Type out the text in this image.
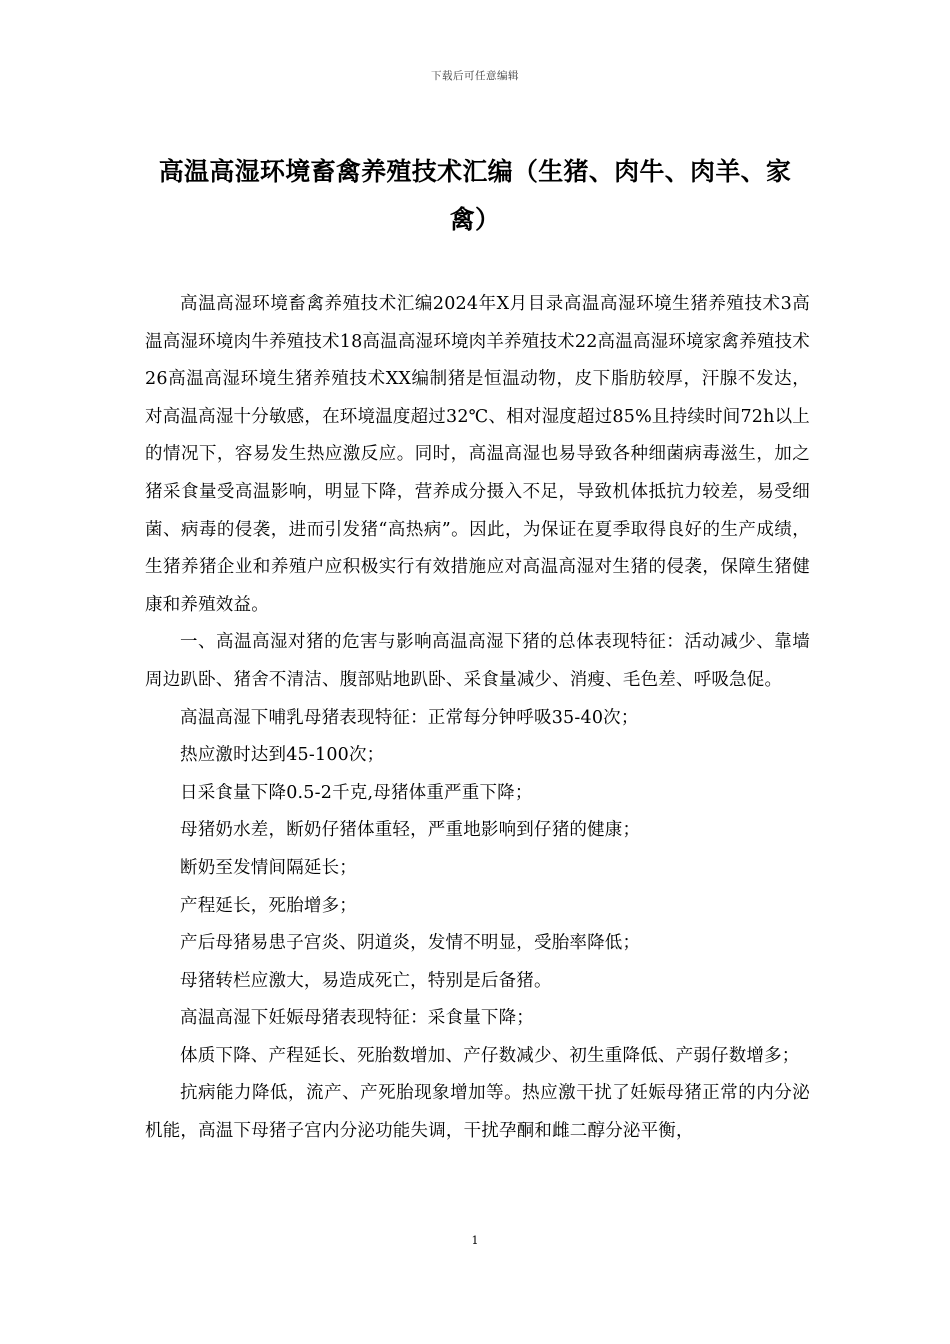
下载后可任意编辑
高温高湿环境畜禽养殖技术汇编（生猪、肉牛、肉羊、家禽）

高温高湿环境畜禽养殖技术汇编2024年X月目录高温高湿环境生猪养殖技术3高温高湿环境肉牛养殖技术18高温高湿环境肉羊养殖技术22高温高湿环境家禽养殖技术26高温高湿环境生猪养殖技术XX编制猪是恒温动物，皮下脂肪较厚，汗腺不发达，对高温高湿十分敏感，在环境温度超过32℃、相对湿度超过85%且持续时间72h以上的情况下，容易发生热应激反应。同时，高温高湿也易导致各种细菌病毒滋生，加之猪采食量受高温影响，明显下降，营养成分摄入不足，导致机体抵抗力较差，易受细菌、病毒的侵袭，进而引发猪“高热病”。因此，为保证在夏季取得良好的生产成绩，生猪养猪企业和养殖户应积极实行有效措施应对高温高湿对生猪的侵袭，保障生猪健康和养殖效益。

一、高温高湿对猪的危害与影响高温高湿下猪的总体表现特征：活动减少、靠墙周边趴卧、猪舍不清洁、腹部贴地趴卧、采食量减少、消瘦、毛色差、呼吸急促。

高温高湿下哺乳母猪表现特征：正常每分钟呼吸35-40次；

热应激时达到45-100次；

日采食量下降0.5-2千克,母猪体重严重下降；

母猪奶水差，断奶仔猪体重轻，严重地影响到仔猪的健康；

断奶至发情间隔延长；

产程延长，死胎增多；

产后母猪易患子宫炎、阴道炎，发情不明显，受胎率降低；

母猪转栏应激大，易造成死亡，特别是后备猪。

高温高湿下妊娠母猪表现特征：采食量下降；

体质下降、产程延长、死胎数增加、产仔数减少、初生重降低、产弱仔数增多；

抗病能力降低，流产、产死胎现象增加等。热应激干扰了妊娠母猪正常的内分泌机能，高温下母猪子宫内分泌功能失调，干扰孕酮和雌二醇分泌平衡，

1
